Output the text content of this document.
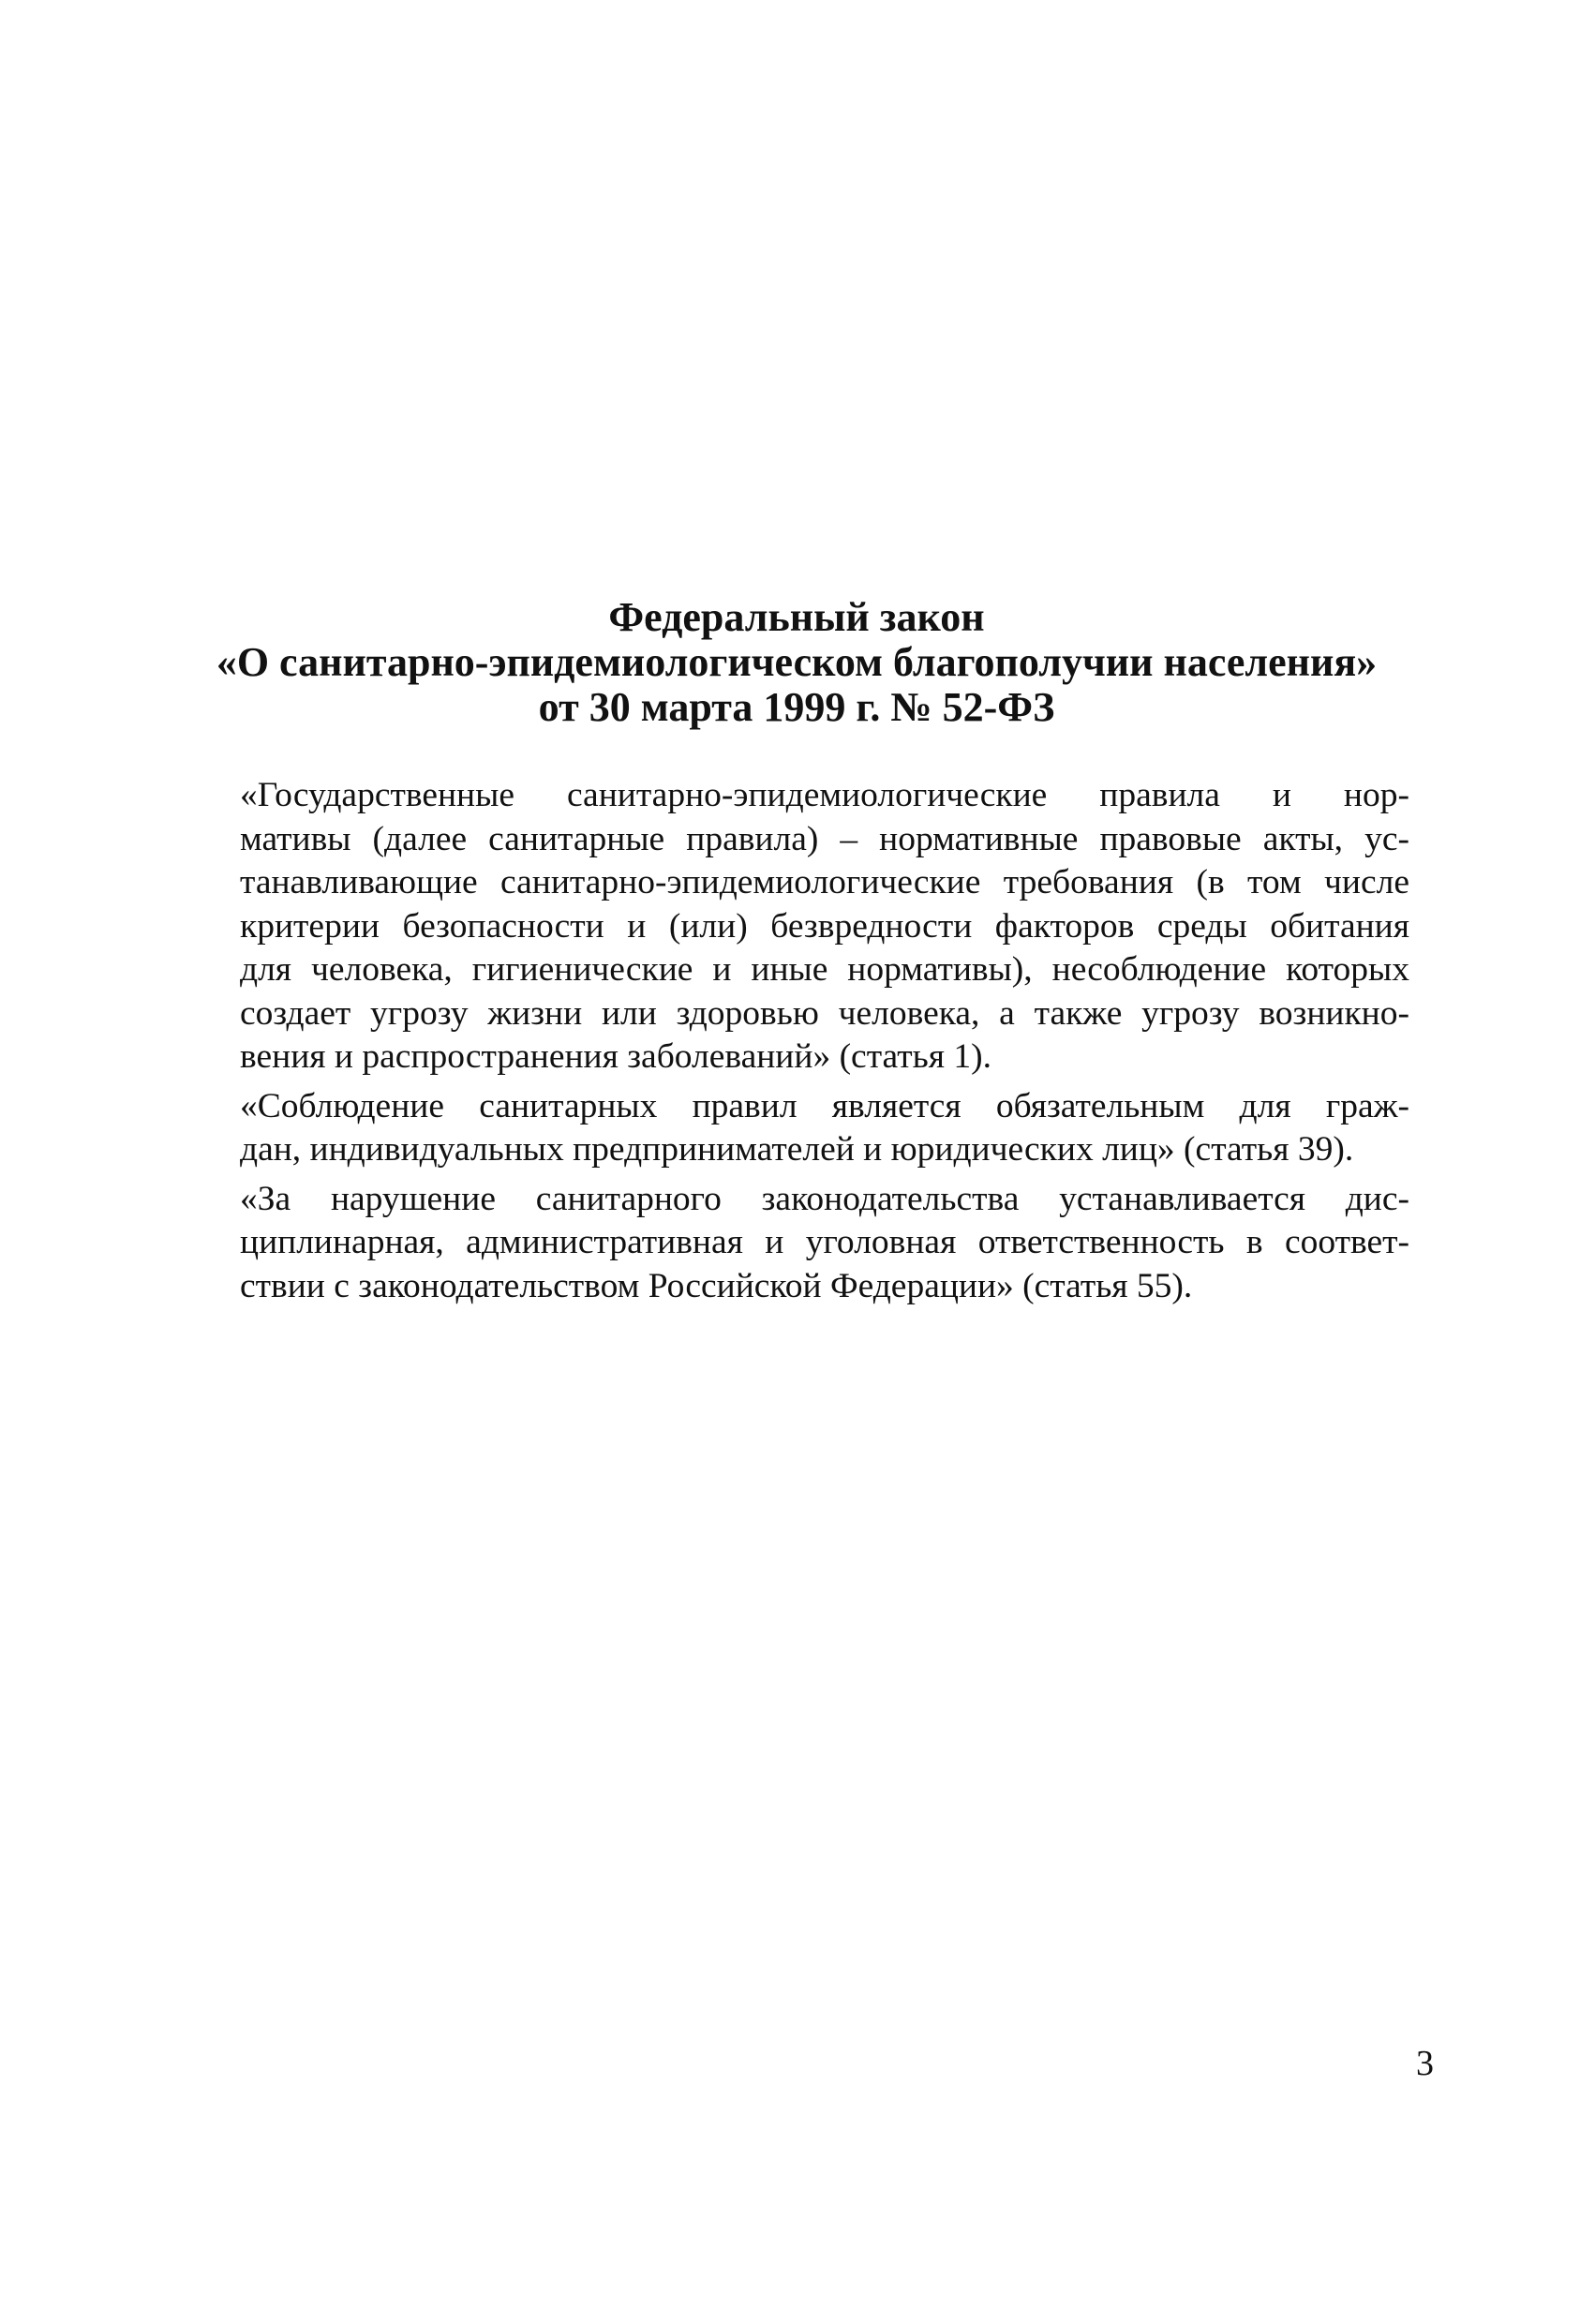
Федеральный закон
«О санитарно-эпидемиологическом благополучии населения»
от 30 марта 1999 г. № 52-ФЗ

«Государственные санитарно-эпидемиологические правила и нор-
мативы (далее санитарные правила) – нормативные правовые акты, ус-
танавливающие санитарно-эпидемиологические требования (в том числе
критерии безопасности и (или) безвредности факторов среды обитания
для человека, гигиенические и иные нормативы), несоблюдение которых
создает угрозу жизни или здоровью человека, а также угрозу возникно-
вения и распространения заболеваний» (статья 1).

«Соблюдение санитарных правил является обязательным для граж-
дан, индивидуальных предпринимателей и юридических лиц» (статья 39).

«За нарушение санитарного законодательства устанавливается дис-
циплинарная, административная и уголовная ответственность в соответ-
ствии с законодательством Российской Федерации» (статья 55).

3
